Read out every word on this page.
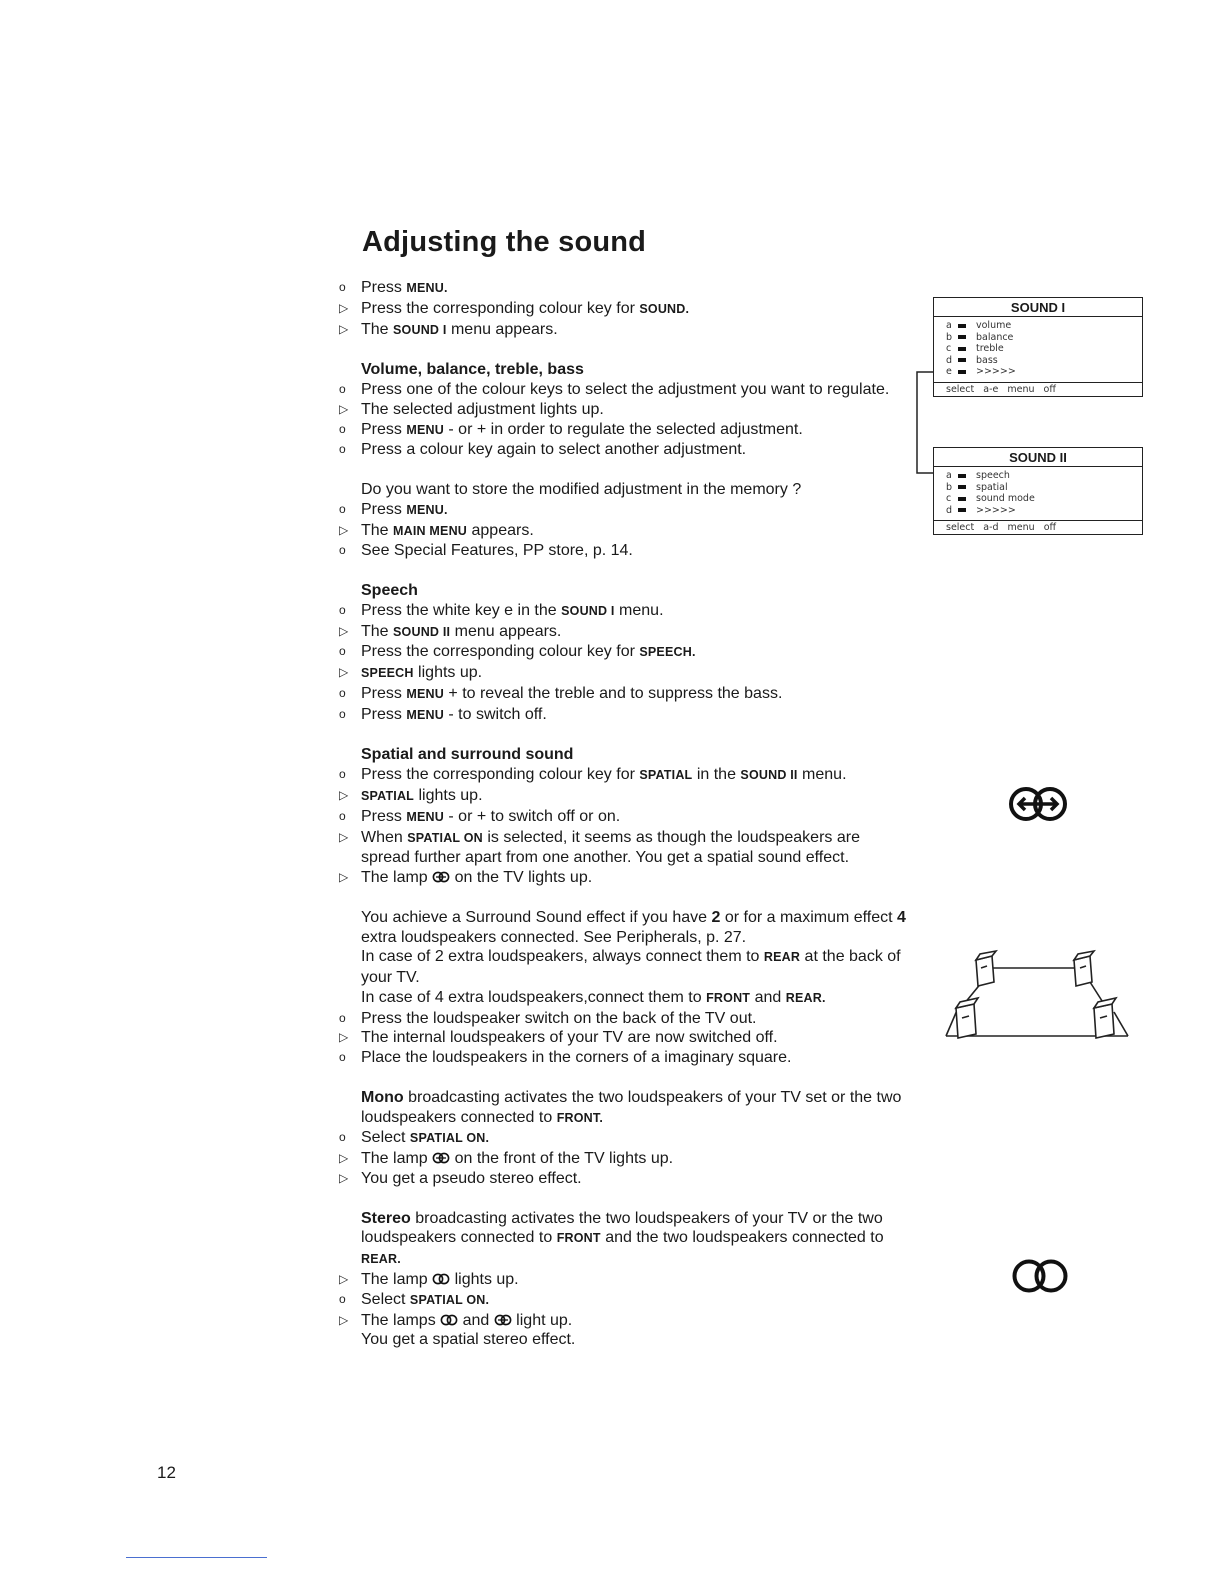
Adjusting the sound
o Press MENU.
▷ Press the corresponding colour key for SOUND.
▷ The SOUND I menu appears.
Volume, balance, treble, bass
o Press one of the colour keys to select the adjustment you want to regulate.
▷ The selected adjustment lights up.
o Press MENU - or + in order to regulate the selected adjustment.
o Press a colour key again to select another adjustment.
Do you want to store the modified adjustment in the memory ?
o Press MENU.
▷ The MAIN MENU appears.
o See Special Features, PP store, p. 14.
Speech
o Press the white key e in the SOUND I menu.
▷ The SOUND II menu appears.
o Press the corresponding colour key for SPEECH.
▷	SPEECH lights up.
o Press MENU + to reveal the treble and to suppress the bass.
o Press MENU - to switch off.
Spatial and surround sound
o Press the corresponding colour key for SPATIAL in the SOUND II menu.
▷	SPATIAL lights up.
o Press MENU - or + to switch off or on.
▷ When SPATIAL ON is selected, it seems as though the loudspeakers are spread further apart from one another. You get a spatial sound effect.
▷ The lamp  on the TV lights up.
You achieve a Surround Sound effect if you have 2 or for a maximum effect 4 extra loudspeakers connected. See Peripherals, p. 27.
In case of 2 extra loudspeakers, always connect them to REAR at the back of your TV.
In case of 4 extra loudspeakers,connect them to FRONT and REAR.
o Press the loudspeaker switch on the back of the TV out.
▷ The internal loudspeakers of your TV are now switched off.
o Place the loudspeakers in the corners of a imaginary square.
Mono broadcasting activates the two loudspeakers of your TV set or the two loudspeakers connected to FRONT.
o Select SPATIAL ON.
▷ The lamp  on the front of the TV lights up.
▷ You get a pseudo stereo effect.
Stereo broadcasting activates the two loudspeakers of your TV or the two loudspeakers connected to FRONT and the two loudspeakers connected to REAR.
▷ The lamp  lights up.
o Select SPATIAL ON.
▷ The lamps  and  light up.
You get a spatial stereo effect.
SOUND I
a	volume
b	balance
c	treble
d	bass
e	>>>>>
select a-e menu off
SOUND II
a	speech
b	spatial
c	sound mode
d	>>>>>
select a-d menu off
12
